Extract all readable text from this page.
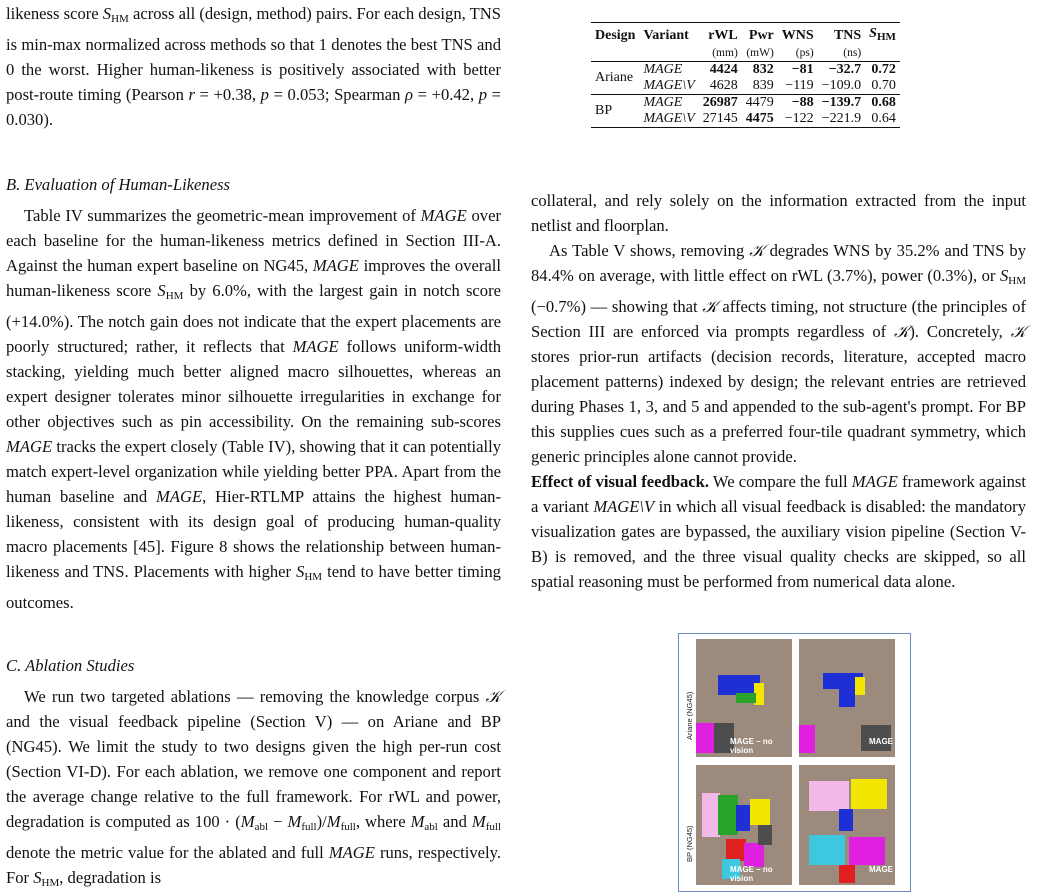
likeness score $S_{HM}$ across all (design, method) pairs. For each design, TNS is min-max normalized across methods so that 1 denotes the best TNS and 0 the worst. Higher human-likeness is positively associated with better post-route timing (Pearson r = +0.38, p = 0.053; Spearman ρ = +0.42, p = 0.030).

B. Evaluation of Human-Likeness

Table IV summarizes the geometric-mean improvement of MAGE over each baseline for the human-likeness metrics defined in Section III-A. Against the human expert baseline on NG45, MAGE improves the overall human-likeness score $S_{HM}$ by 6.0%, with the largest gain in notch score (+14.0%). The notch gain does not indicate that the expert placements are poorly structured; rather, it reflects that MAGE follows uniform-width stacking, yielding much better aligned macro silhouettes, whereas an expert designer tolerates minor silhouette irregularities in exchange for other objectives such as pin accessibility. On the remaining sub-scores MAGE tracks the expert closely (Table IV), showing that it can potentially match expert-level organization while yielding better PPA. Apart from the human baseline and MAGE, Hier-RTLMP attains the highest human-likeness, consistent with its design goal of producing human-quality macro placements [45]. Figure 8 shows the relationship between human-likeness and TNS. Placements with higher $S_{HM}$ tend to have better timing outcomes.

C. Ablation Studies

We run two targeted ablations — removing the knowledge corpus 𝒦 and the visual feedback pipeline (Section V) — on Ariane and BP (NG45). We limit the study to two designs given the high per-run cost (Section VI-D). For each ablation, we remove one component and report the average change relative to the full framework. For rWL and power, degradation is computed as $100 \cdot (M_{abl} - M_{full})/M_{full}$, where $M_{abl}$ and $M_{full}$ denote the metric value for the ablated and full MAGE runs, respectively. For $S_{HM}$, degradation is

Design	Variant	rWL	Pwr	WNS	TNS	$S_{HM}$
		(mm)	(mW)	(ps)	(ns)	
Ariane	MAGE	4424	832	−81	−32.7	0.72
	MAGE\V	4628	839	−119	−109.0	0.70
BP	MAGE	26987	4479	−88	−139.7	0.68
	MAGE\V	27145	4475	−122	−221.9	0.64

collateral, and rely solely on the information extracted from the input netlist and floorplan.

As Table V shows, removing 𝒦 degrades WNS by 35.2% and TNS by 84.4% on average, with little effect on rWL (3.7%), power (0.3%), or $S_{HM}$ (−0.7%) — showing that 𝒦 affects timing, not structure (the principles of Section III are enforced via prompts regardless of 𝒦). Concretely, 𝒦 stores prior-run artifacts (decision records, literature, accepted macro placement patterns) indexed by design; the relevant entries are retrieved during Phases 1, 3, and 5 and appended to the sub-agent's prompt. For BP this supplies cues such as a preferred four-tile quadrant symmetry, which generic principles alone cannot provide.

Effect of visual feedback. We compare the full MAGE framework against a variant MAGE\V in which all visual feedback is disabled: the mandatory visualization gates are bypassed, the auxiliary vision pipeline (Section V-B) is removed, and the three visual quality checks are skipped, so all spatial reasoning must be performed from numerical data alone.

Ariane (NG45)
BP (NG45)
MAGE – no vision
MAGE
MAGE – no vision
MAGE
